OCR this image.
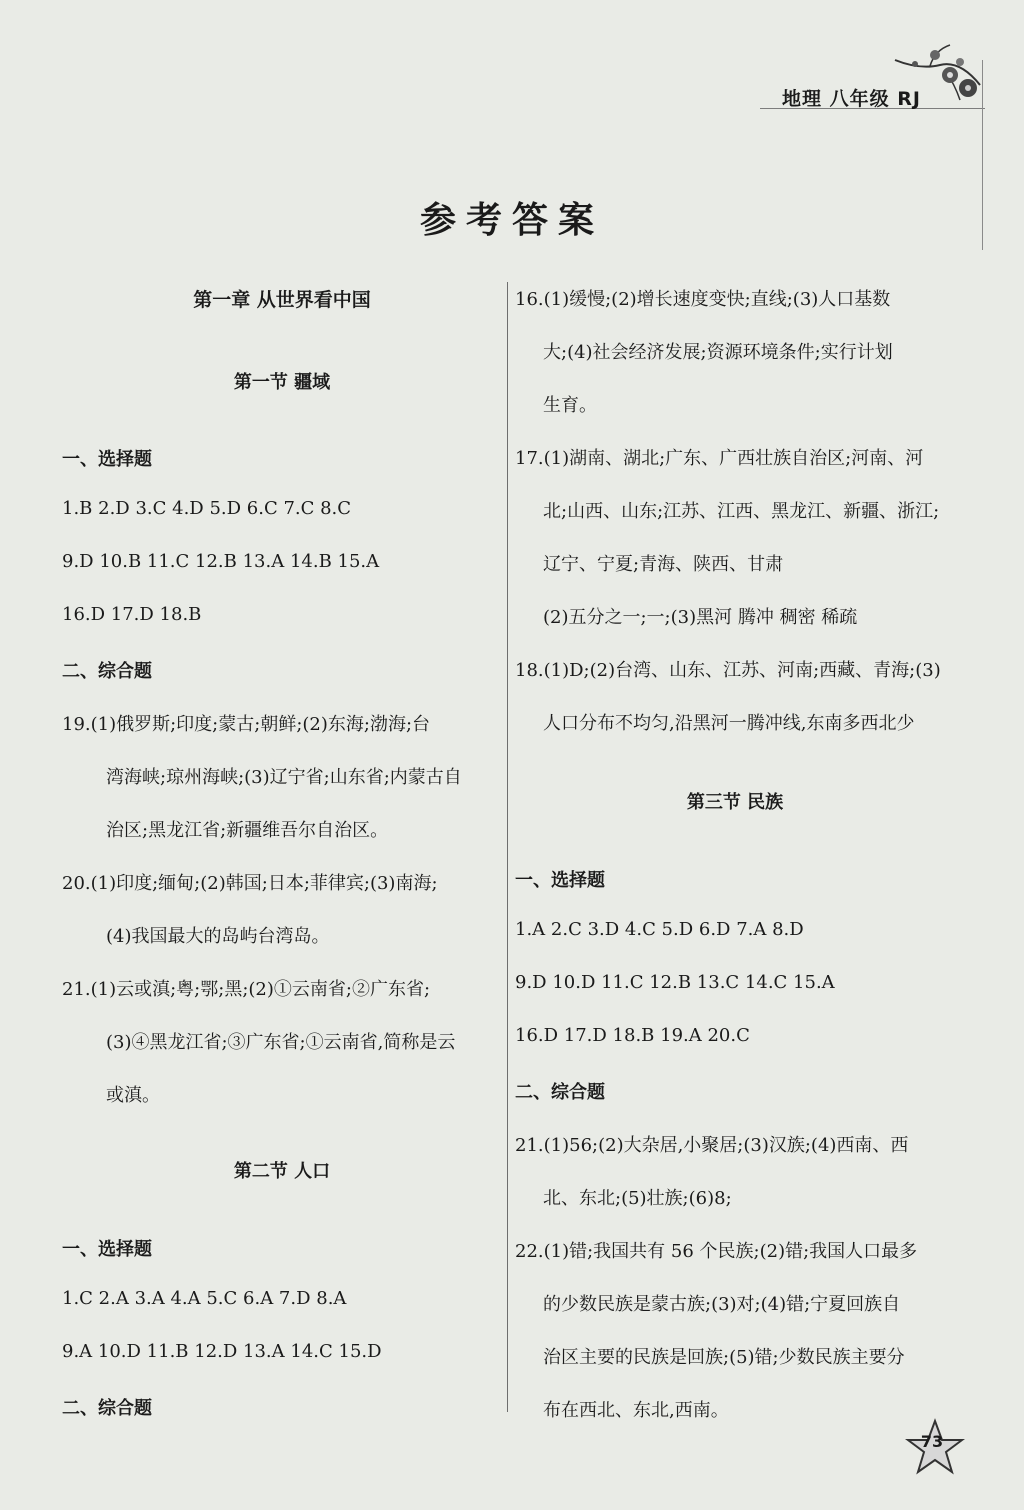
地理 八年级 RJ
参考答案
第一章 从世界看中国
第一节 疆域
一、选择题
1.B 2.D 3.C 4.D 5.D 6.C 7.C 8.C
9.D 10.B 11.C 12.B 13.A 14.B 15.A
16.D 17.D 18.B
二、综合题
19.(1)俄罗斯;印度;蒙古;朝鲜;(2)东海;渤海;台
湾海峡;琼州海峡;(3)辽宁省;山东省;内蒙古自
治区;黑龙江省;新疆维吾尔自治区。
20.(1)印度;缅甸;(2)韩国;日本;菲律宾;(3)南海;
(4)我国最大的岛屿台湾岛。
21.(1)云或滇;粤;鄂;黑;(2)①云南省;②广东省;
(3)④黑龙江省;③广东省;①云南省,简称是云
或滇。
第二节 人口
一、选择题
1.C 2.A 3.A 4.A 5.C 6.A 7.D 8.A
9.A 10.D 11.B 12.D 13.A 14.C 15.D
二、综合题
16.(1)缓慢;(2)增长速度变快;直线;(3)人口基数
大;(4)社会经济发展;资源环境条件;实行计划
生育。
17.(1)湖南、湖北;广东、广西壮族自治区;河南、河
北;山西、山东;江苏、江西、黑龙江、新疆、浙江;
辽宁、宁夏;青海、陕西、甘肃
(2)五分之一;一;(3)黑河 腾冲 稠密 稀疏
18.(1)D;(2)台湾、山东、江苏、河南;西藏、青海;(3)
人口分布不均匀,沿黑河一腾冲线,东南多西北少
第三节 民族
一、选择题
1.A 2.C 3.D 4.C 5.D 6.D 7.A 8.D
9.D 10.D 11.C 12.B 13.C 14.C 15.A
16.D 17.D 18.B 19.A 20.C
二、综合题
21.(1)56;(2)大杂居,小聚居;(3)汉族;(4)西南、西
北、东北;(5)壮族;(6)8;
22.(1)错;我国共有 56 个民族;(2)错;我国人口最多
的少数民族是蒙古族;(3)对;(4)错;宁夏回族自
治区主要的民族是回族;(5)错;少数民族主要分
布在西北、东北,西南。
73
